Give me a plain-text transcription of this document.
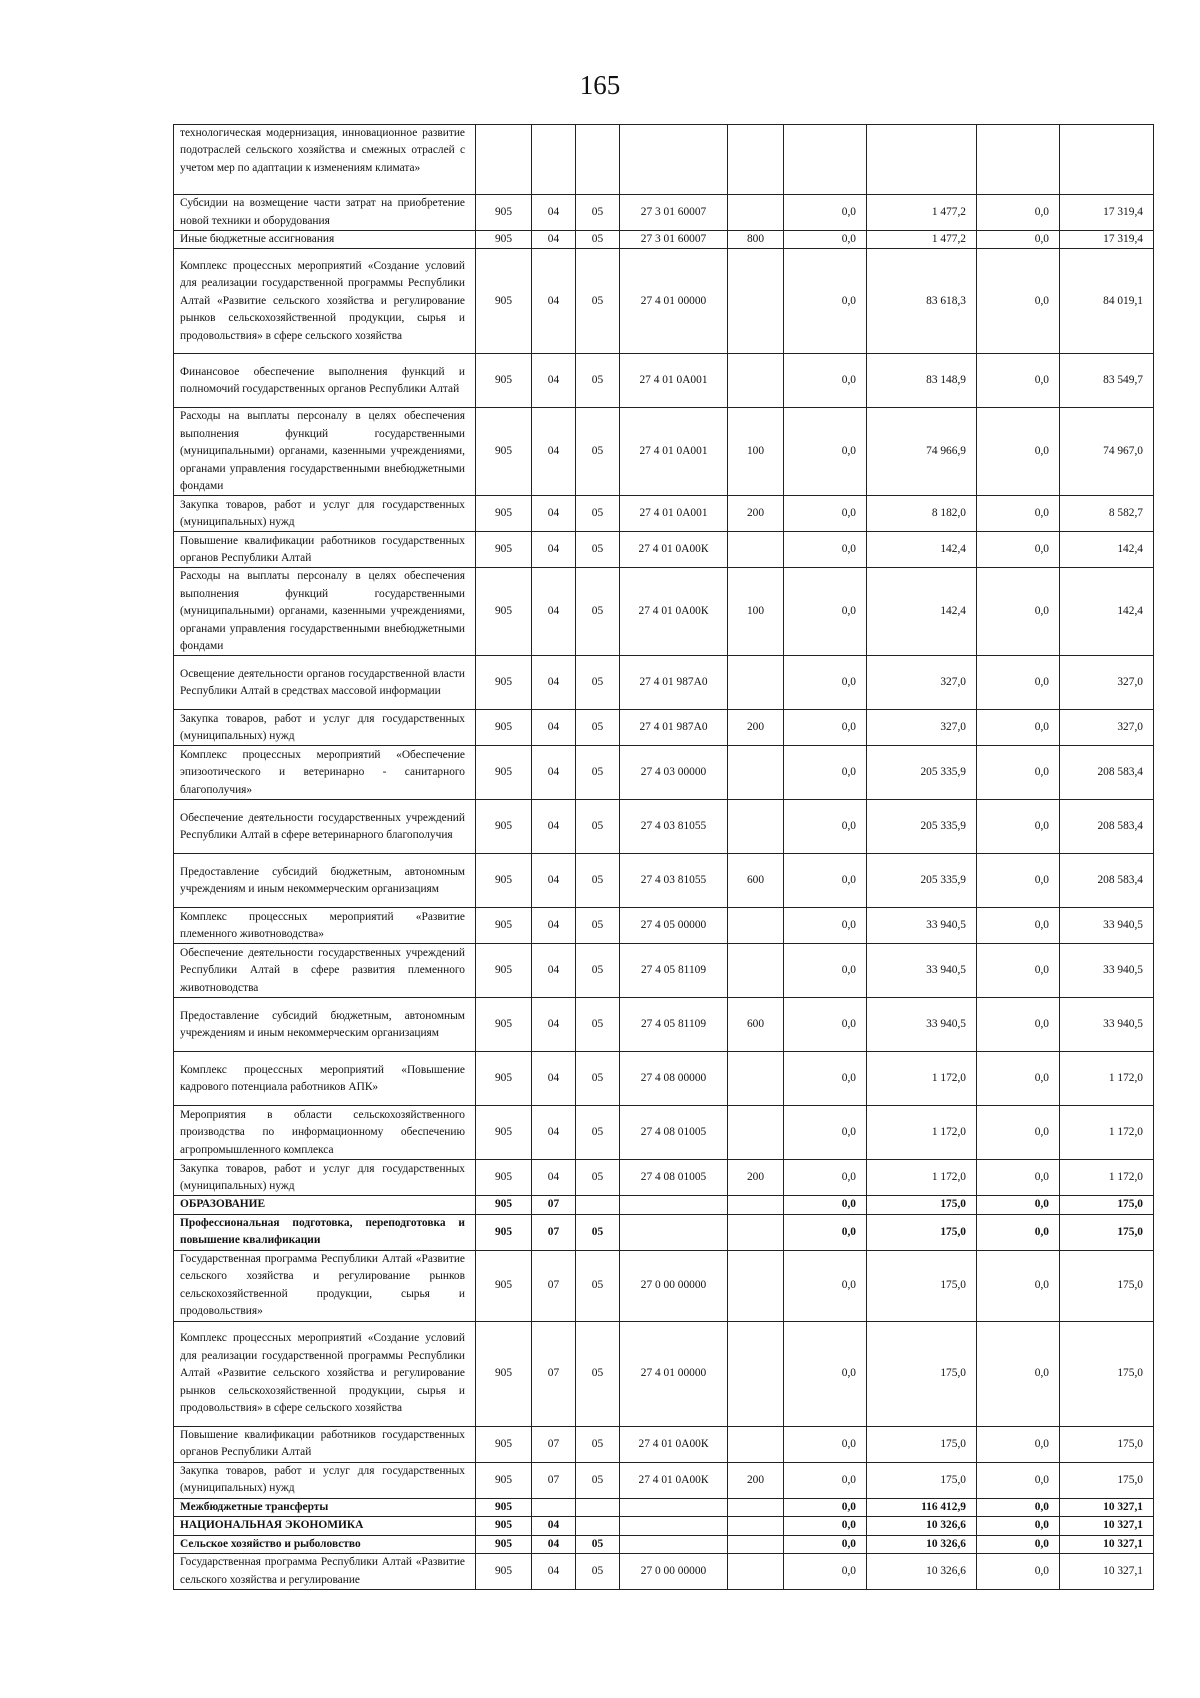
165
технологическая модернизация, инновационное развитие подотраслей сельского хозяйства и смежных отраслей с учетом мер по адаптации к изменениям климата»									
Субсидии на возмещение части затрат на приобретение новой техники и оборудования	905	04	05	27 3 01 60007		0,0	1 477,2	0,0	17 319,4
Иные бюджетные ассигнования	905	04	05	27 3 01 60007	800	0,0	1 477,2	0,0	17 319,4
Комплекс процессных мероприятий «Создание условий для реализации государственной программы Республики Алтай «Развитие сельского хозяйства и регулирование рынков сельскохозяйственной продукции, сырья и продовольствия» в сфере сельского хозяйства	905	04	05	27 4 01 00000		0,0	83 618,3	0,0	84 019,1
Финансовое обеспечение выполнения функций и полномочий государственных органов Республики Алтай	905	04	05	27 4 01 0А001		0,0	83 148,9	0,0	83 549,7
Расходы на выплаты персоналу в целях обеспечения выполнения функций государственными (муниципальными) органами, казенными учреждениями, органами управления государственными внебюджетными фондами	905	04	05	27 4 01 0А001	100	0,0	74 966,9	0,0	74 967,0
Закупка товаров, работ и услуг для государственных (муниципальных) нужд	905	04	05	27 4 01 0А001	200	0,0	8 182,0	0,0	8 582,7
Повышение квалификации работников государственных органов Республики Алтай	905	04	05	27 4 01 0А00К		0,0	142,4	0,0	142,4
Расходы на выплаты персоналу в целях обеспечения выполнения функций государственными (муниципальными) органами, казенными учреждениями, органами управления государственными внебюджетными фондами	905	04	05	27 4 01 0А00К	100	0,0	142,4	0,0	142,4
Освещение деятельности органов государственной власти Республики Алтай в средствах массовой информации	905	04	05	27 4 01 987А0		0,0	327,0	0,0	327,0
Закупка товаров, работ и услуг для государственных (муниципальных) нужд	905	04	05	27 4 01 987А0	200	0,0	327,0	0,0	327,0
Комплекс процессных мероприятий «Обеспечение эпизоотического и ветеринарно - санитарного благополучия»	905	04	05	27 4 03 00000		0,0	205 335,9	0,0	208 583,4
Обеспечение деятельности государственных учреждений Республики Алтай в сфере ветеринарного благополучия	905	04	05	27 4 03 81055		0,0	205 335,9	0,0	208 583,4
Предоставление субсидий бюджетным, автономным учреждениям и иным некоммерческим организациям	905	04	05	27 4 03 81055	600	0,0	205 335,9	0,0	208 583,4
Комплекс процессных мероприятий «Развитие племенного животноводства»	905	04	05	27 4 05 00000		0,0	33 940,5	0,0	33 940,5
Обеспечение деятельности государственных учреждений Республики Алтай в сфере развития племенного животноводства	905	04	05	27 4 05 81109		0,0	33 940,5	0,0	33 940,5
Предоставление субсидий бюджетным, автономным учреждениям и иным некоммерческим организациям	905	04	05	27 4 05 81109	600	0,0	33 940,5	0,0	33 940,5
Комплекс процессных мероприятий «Повышение кадрового потенциала работников АПК»	905	04	05	27 4 08 00000		0,0	1 172,0	0,0	1 172,0
Мероприятия в области сельскохозяйственного производства по информационному обеспечению агропромышленного комплекса	905	04	05	27 4 08 01005		0,0	1 172,0	0,0	1 172,0
Закупка товаров, работ и услуг для государственных (муниципальных) нужд	905	04	05	27 4 08 01005	200	0,0	1 172,0	0,0	1 172,0
ОБРАЗОВАНИЕ	905	07				0,0	175,0	0,0	175,0
Профессиональная подготовка, переподготовка и повышение квалификации	905	07	05			0,0	175,0	0,0	175,0
Государственная программа Республики Алтай «Развитие сельского хозяйства и регулирование рынков сельскохозяйственной продукции, сырья и продовольствия»	905	07	05	27 0 00 00000		0,0	175,0	0,0	175,0
Комплекс процессных мероприятий «Создание условий для реализации государственной программы Республики Алтай «Развитие сельского хозяйства и регулирование рынков сельскохозяйственной продукции, сырья и продовольствия» в сфере сельского хозяйства	905	07	05	27 4 01 00000		0,0	175,0	0,0	175,0
Повышение квалификации работников государственных органов Республики Алтай	905	07	05	27 4 01 0А00К		0,0	175,0	0,0	175,0
Закупка товаров, работ и услуг для государственных (муниципальных) нужд	905	07	05	27 4 01 0А00К	200	0,0	175,0	0,0	175,0
Межбюджетные трансферты	905					0,0	116 412,9	0,0	10 327,1
НАЦИОНАЛЬНАЯ ЭКОНОМИКА	905	04				0,0	10 326,6	0,0	10 327,1
Сельское хозяйство и рыболовство	905	04	05			0,0	10 326,6	0,0	10 327,1
Государственная программа Республики Алтай «Развитие сельского хозяйства и регулирование	905	04	05	27 0 00 00000		0,0	10 326,6	0,0	10 327,1
